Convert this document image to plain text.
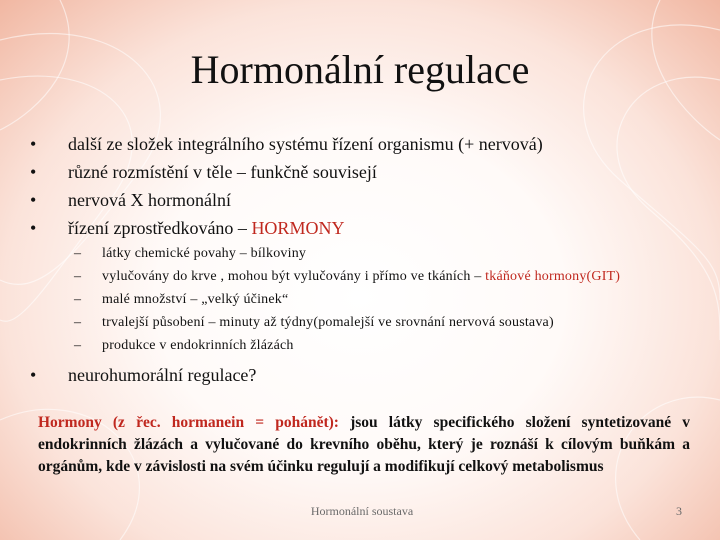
Hormonální regulace
• další ze složek integrálního systému řízení organismu (+ nervová)
• různé rozmístění v těle – funkčně souvisejí
• nervová X hormonální
• řízení zprostředkováno – HORMONY
– látky chemické povahy – bílkoviny
– vylučovány do krve , mohou být vylučovány i přímo ve tkáních – tkáňové hormony(GIT)
– malé množství – „velký účinek“
– trvalejší působení – minuty až týdny(pomalejší ve srovnání nervová soustava)
– produkce v endokrinních žlázách
• neurohumorální regulace?
Hormony (z řec. hormanein = pohánět): jsou látky specifického složení syntetizované v endokrinních žlázách a vylučované do krevního oběhu, který je roznáší k cílovým buňkám a orgánům, kde v závislosti na svém účinku regulují a modifikují celkový metabolismus
Hormonální soustava	3
